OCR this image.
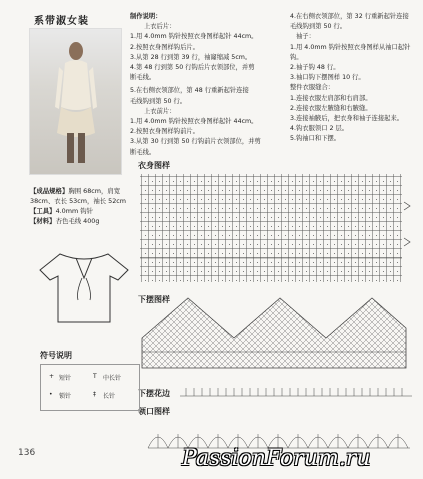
系带淑女装
【成品规格】胸围 68cm，肩宽 38cm、衣长 53cm，袖长 52cm
【工具】4.0mm 钩针
【材料】杏色毛线 400g
制作说明：
上衣后片：
1.用 4.0mm 钩针按照衣身图样起针 44cm。
2.按照衣身图样钩后片。
3.从第 28 行到第 39 行，袖窿缩减 5cm。
4.第 48 行到第 50 行钩后片衣领部位，并剪
断毛线。
5.在右侧衣领部位，第 48 行重新起针连接
毛线钩到第 50 行。
上衣前片：
1.用 4.0mm 钩针按照衣身图样起针 44cm。
2.按照衣身图样钩前片。
3.从第 30 行到第 50 行钩前片衣领部位，并剪
断毛线。
4.在右侧衣领部位，第 32 行重新起针连接
毛线钩到第 50 行。
袖子：
1.用 4.0mm 钩针按照衣身图样从袖口起针
钩。
2.袖子钩 48 行。
3.袖口钩下摆图样 10 行。
整件衣服缝合：
1.连接衣服左肩部和右肩部。
2.连接衣服左腋缝和右腋缝。
3.连接袖腋后，把衣身和袖子连接起来。
4.钩衣服领口 2 层。
5.钩袖口和下摆。
衣身图样
下摆图样
下摆花边
领口图样
符号说明
+ 短针	T 中长针
• 锁针	‡ 长针
136	PassionForum.ru
